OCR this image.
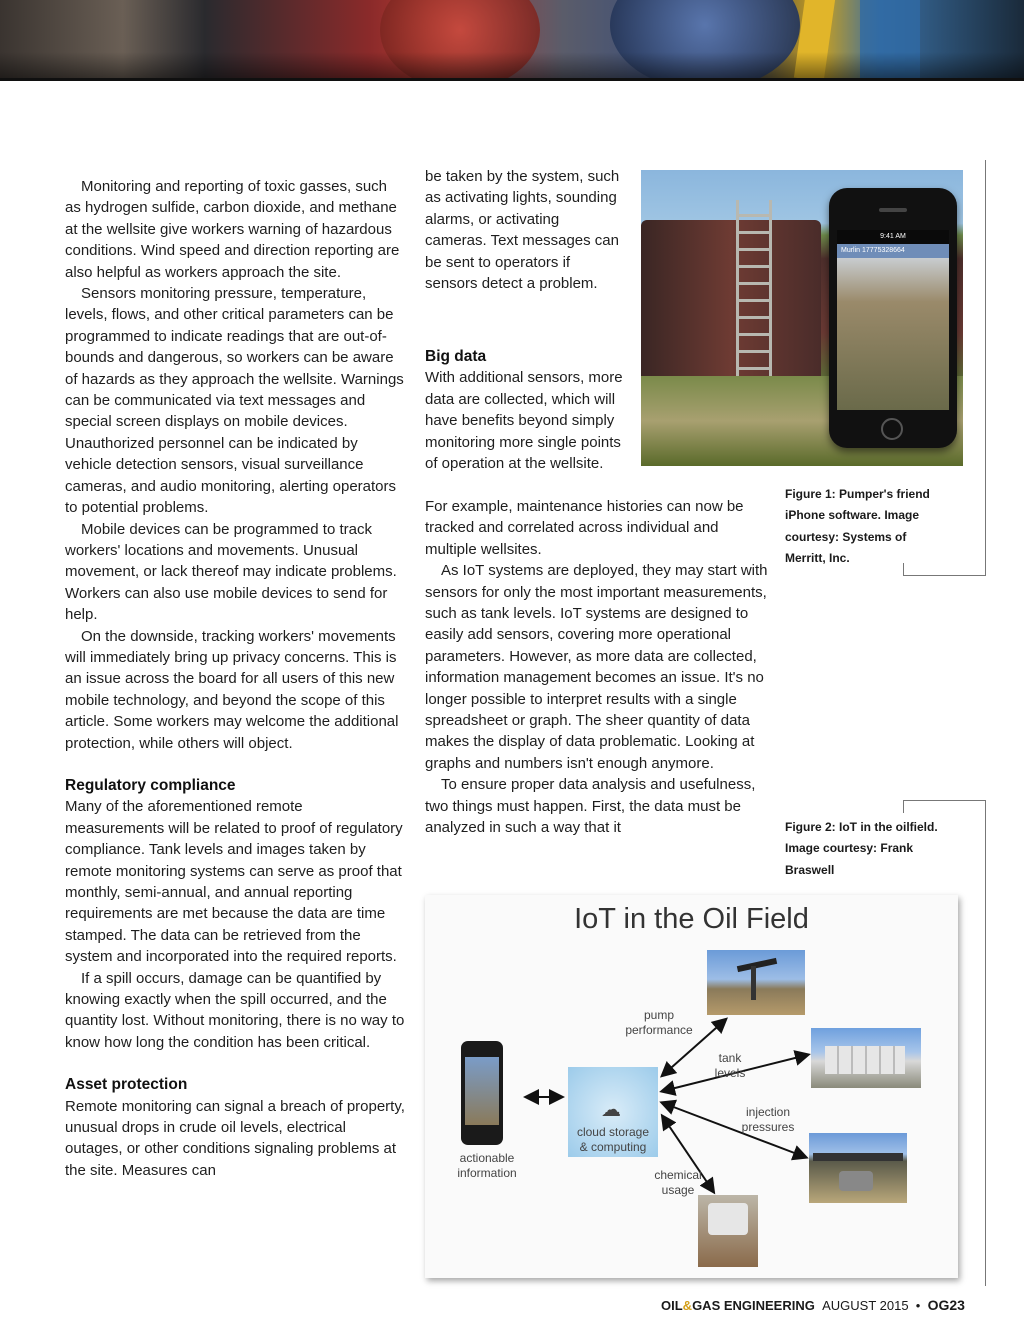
Monitoring and reporting of toxic gasses, such as hydrogen sulfide, carbon dioxide, and methane at the wellsite give workers warning of hazardous conditions. Wind speed and direction reporting are also helpful as workers approach the site.

Sensors monitoring pressure, temperature, levels, flows, and other critical parameters can be programmed to indicate readings that are out-of-bounds and dangerous, so workers can be aware of hazards as they approach the wellsite. Warnings can be communicated via text messages and special screen displays on mobile devices. Unauthorized personnel can be indicated by vehicle detection sensors, visual surveillance cameras, and audio monitoring, alerting operators to potential problems.

Mobile devices can be programmed to track workers' locations and movements. Unusual movement, or lack thereof may indicate problems. Workers can also use mobile devices to send for help.

On the downside, tracking workers' movements will immediately bring up privacy concerns. This is an issue across the board for all users of this new mobile technology, and beyond the scope of this article. Some workers may welcome the additional protection, while others will object.

Regulatory compliance

Many of the aforementioned remote measurements will be related to proof of regulatory compliance. Tank levels and images taken by remote monitoring systems can serve as proof that monthly, semi-annual, and annual reporting requirements are met because the data are time stamped. The data can be retrieved from the system and incorporated into the required reports.

If a spill occurs, damage can be quantified by knowing exactly when the spill occurred, and the quantity lost. Without monitoring, there is no way to know how long the condition has been critical.

Asset protection

Remote monitoring can signal a breach of property, unusual drops in crude oil levels, electrical outages, or other conditions signaling problems at the site. Measures can

be taken by the system, such as activating lights, sounding alarms, or activating cameras. Text messages can be sent to operators if sensors detect a problem.

Big data

With additional sensors, more data are collected, which will have benefits beyond simply monitoring more single points of operation at the wellsite.

For example, maintenance histories can now be tracked and correlated across individual and multiple wellsites.

As IoT systems are deployed, they may start with sensors for only the most important measurements, such as tank levels. IoT systems are designed to easily add sensors, covering more operational parameters. However, as more data are collected, information management becomes an issue. It's no longer possible to interpret results with a single spreadsheet or graph. The sheer quantity of data makes the display of data problematic. Looking at graphs and numbers isn't enough anymore.

To ensure proper data analysis and usefulness, two things must happen. First, the data must be analyzed in such a way that it

9:41 AM
Murlin 17775328664
Figure 1: Pumper's friend iPhone software. Image courtesy: Systems of Merritt, Inc.
Figure 2: IoT in the oilfield. Image courtesy: Frank Braswell
IoT in the Oil Field
actionable
information
☁
cloud storage
& computing
pump
performance
tank
levels
injection
pressures
chemical
usage
OIL&GAS ENGINEERING AUGUST 2015 • OG23
